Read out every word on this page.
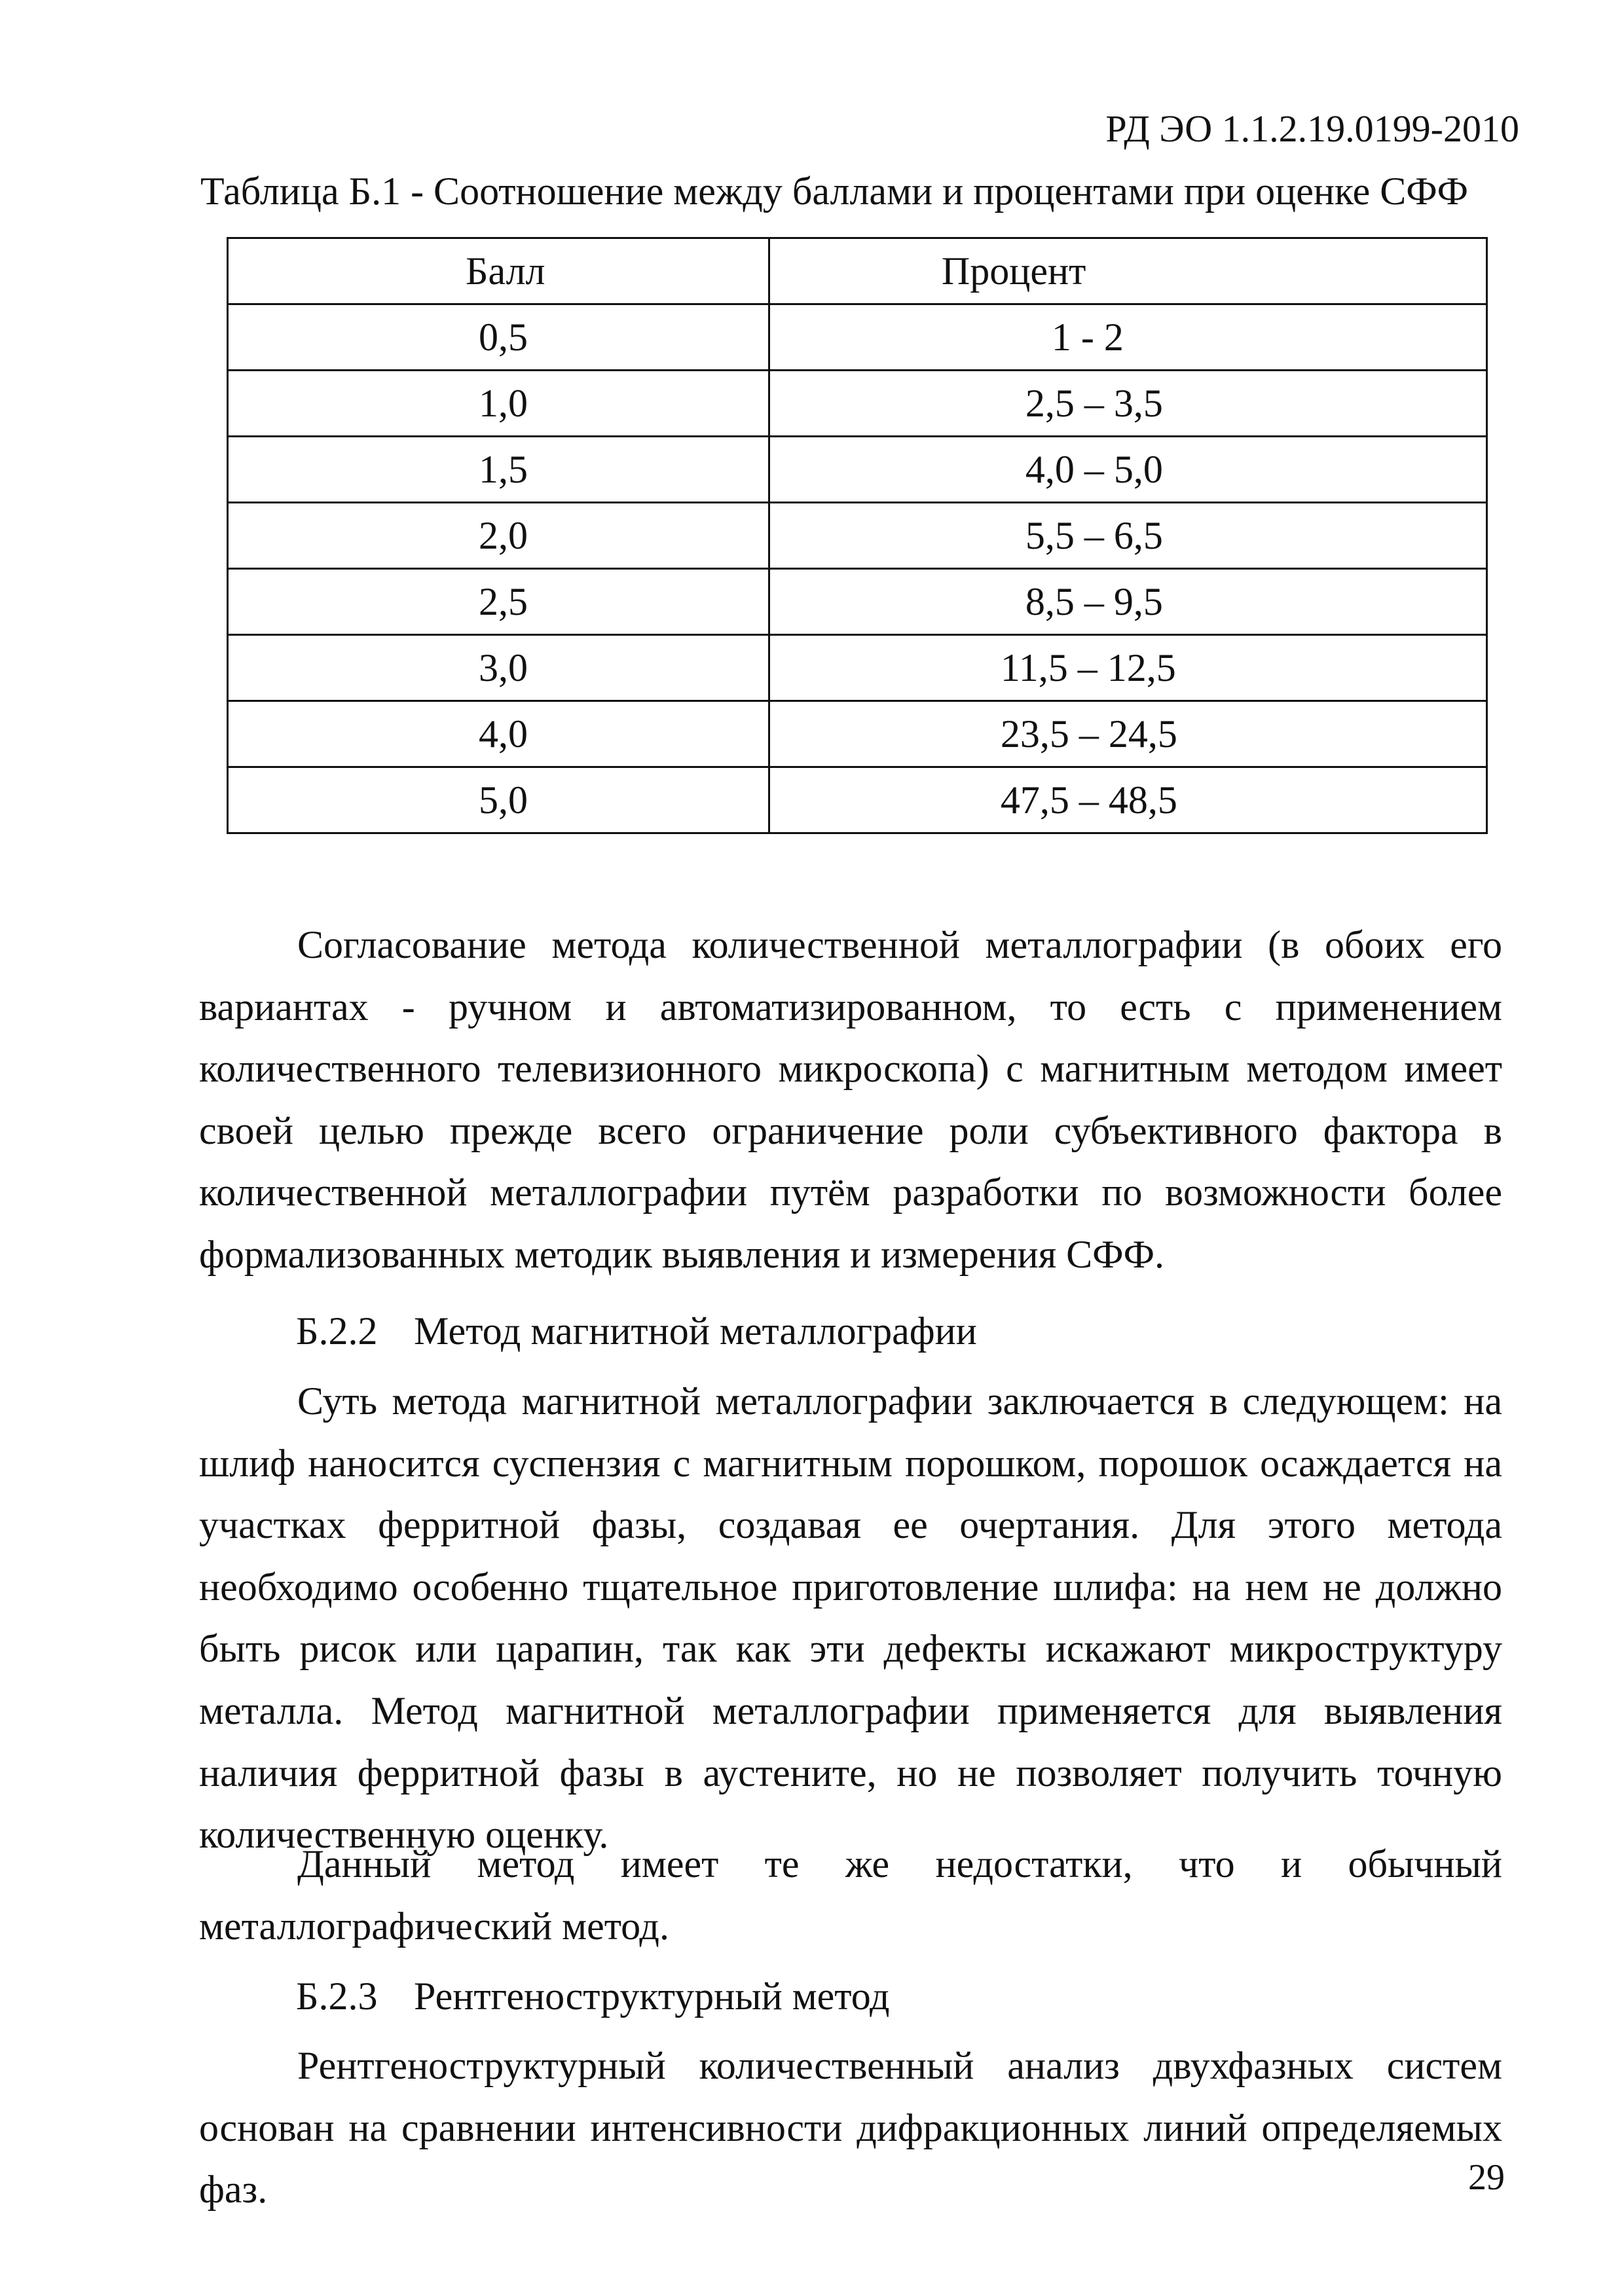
РД ЭО 1.1.2.19.0199-2010
Таблица Б.1 - Соотношение между баллами и процентами при оценке СФФ
Балл	Процент
0,5	1 - 2
1,0	2,5 – 3,5
1,5	4,0 – 5,0
2,0	5,5 – 6,5
2,5	8,5 – 9,5
3,0	11,5 – 12,5
4,0	23,5 – 24,5
5,0	47,5 – 48,5

Согласование метода количественной металлографии (в обоих его вариантах - ручном и автоматизированном, то есть с применением количественного телевизионного микроскопа) с магнитным методом имеет своей целью прежде всего ограничение роли субъективного фактора в количественной металлографии путём разработки по возможности более формализованных методик выявления и измерения СФФ.

Б.2.2 Метод магнитной металлографии

Суть метода магнитной металлографии заключается в следующем: на шлиф наносится суспензия с магнитным порошком, порошок осаждается на участках ферритной фазы, создавая ее очертания. Для этого метода необходимо особенно тщательное приготовление шлифа: на нем не должно быть рисок или царапин, так как эти дефекты искажают микроструктуру металла. Метод магнитной металлографии применяется для выявления наличия ферритной фазы в аустените, но не позволяет получить точную количественную оценку.

Данный метод имеет те же недостатки, что и обычный металлографический метод.

Б.2.3 Рентгеноструктурный метод

Рентгеноструктурный количественный анализ двухфазных систем основан на сравнении интенсивности дифракционных линий определяемых фаз.	29
